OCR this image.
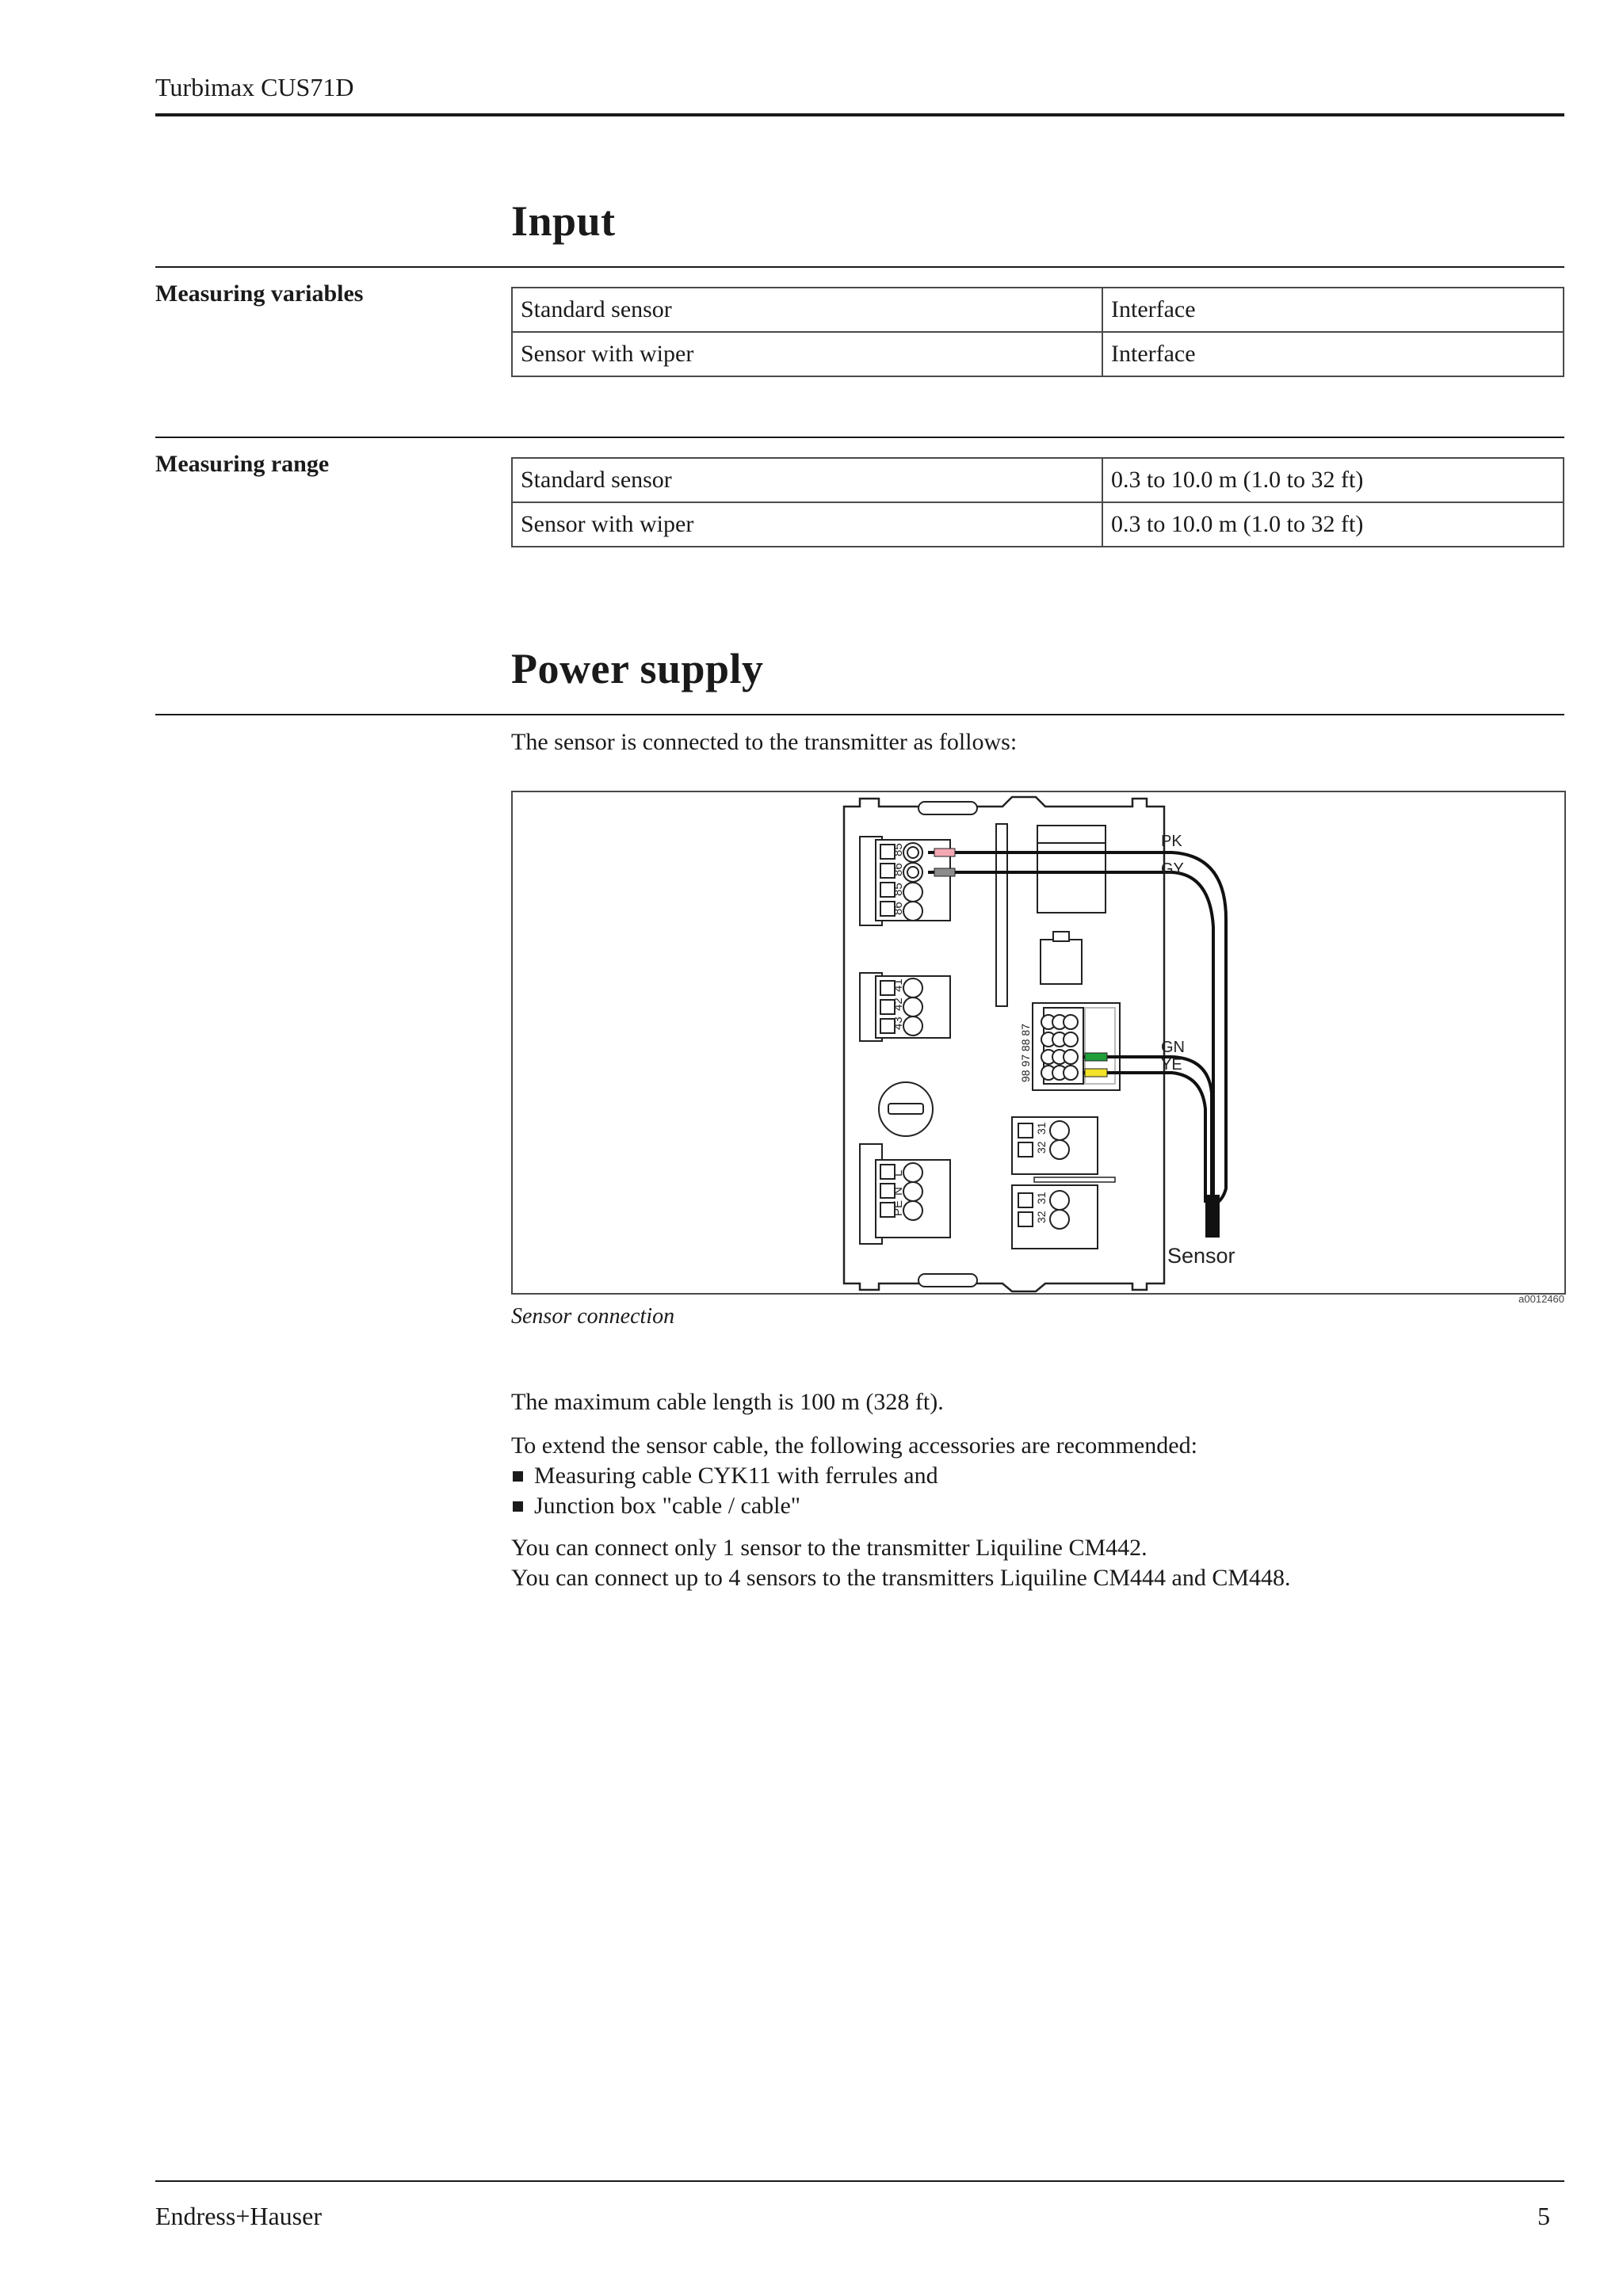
Turbimax CUS71D
Input
Measuring variables
Standard sensor	Interface
Sensor with wiper	Interface
Measuring range
Standard sensor	0.3 to 10.0 m (1.0 to 32 ft)
Sensor with wiper	0.3 to 10.0 m (1.0 to 32 ft)
Power supply
The sensor is connected to the transmitter as follows:
85
86
85
86
41
42
43
L
N
PE
98 97 88 87
31
32
31
32
PK
GY
GN
YE
Sensor
a0012460
Sensor connection
The maximum cable length is 100 m (328 ft).
To extend the sensor cable, the following accessories are recommended:
Measuring cable CYK11 with ferrules and
Junction box "cable / cable"
You can connect only 1 sensor to the transmitter Liquiline CM442.
You can connect up to 4 sensors to the transmitters Liquiline CM444 and CM448.
Endress+Hauser	5
